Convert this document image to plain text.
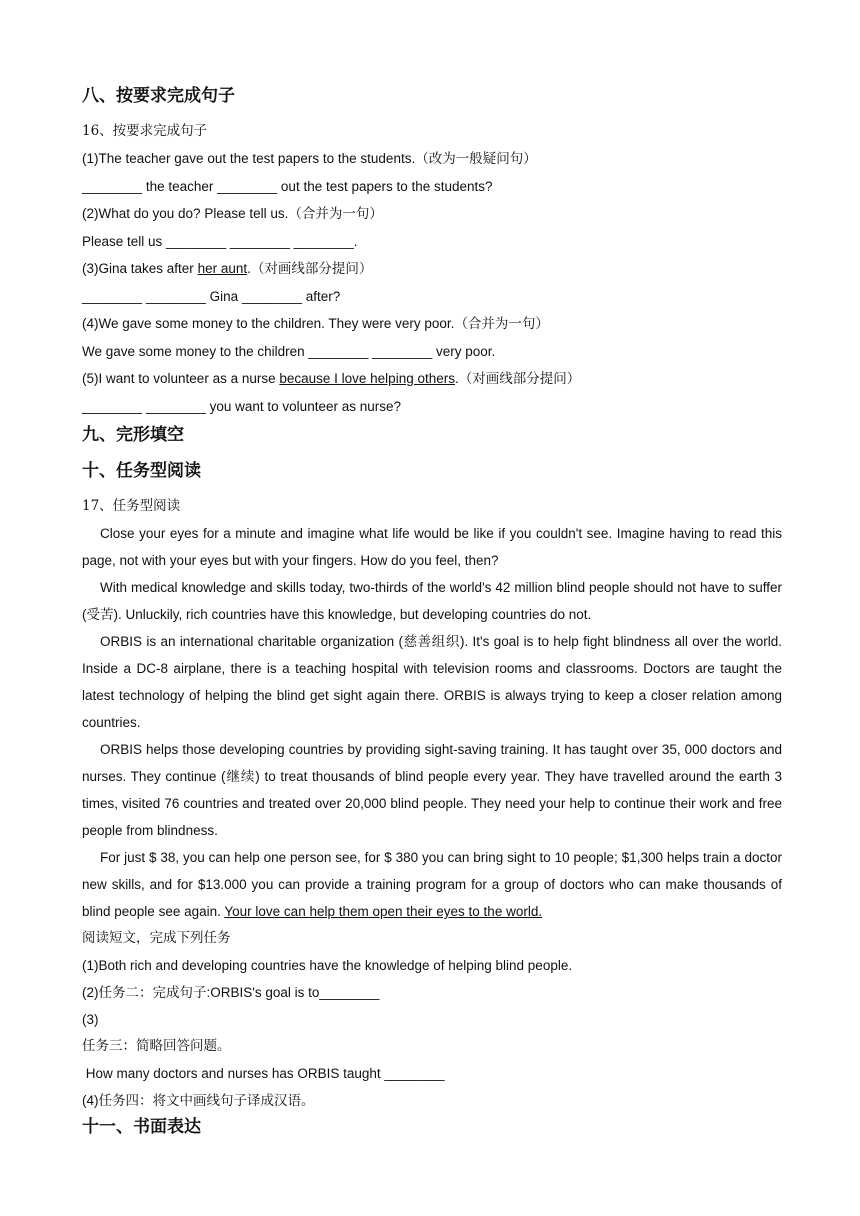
八、按要求完成句子
16、按要求完成句子
(1)The teacher gave out the test papers to the students.（改为一般疑问句）
________ the teacher ________ out the test papers to the students?
(2)What do you do? Please tell us.（合并为一句）
Please tell us ________ ________ ________.
(3)Gina takes after her aunt.（对画线部分提问）
________ ________ Gina ________ after?
(4)We gave some money to the children. They were very poor.（合并为一句）
We gave some money to the children ________ ________ very poor.
(5)I want to volunteer as a nurse because I love helping others.（对画线部分提问）
________ ________ you want to volunteer as nurse?
九、完形填空
十、任务型阅读
17、任务型阅读
Close your eyes for a minute and imagine what life would be like if you couldn't see. Imagine having to read this page, not with your eyes but with your fingers. How do you feel, then?
With medical knowledge and skills today, two-thirds of the world's 42 million blind people should not have to suffer (受苦). Unluckily, rich countries have this knowledge, but developing countries do not.
ORBIS is an international charitable organization (慈善组织). It's goal is to help fight blindness all over the world. Inside a DC-8 airplane, there is a teaching hospital with television rooms and classrooms. Doctors are taught the latest technology of helping the blind get sight again there. ORBIS is always trying to keep a closer relation among countries.
ORBIS helps those developing countries by providing sight-saving training. It has taught over 35, 000 doctors and nurses. They continue (继续) to treat thousands of blind people every year. They have travelled around the earth 3 times, visited 76 countries and treated over 20,000 blind people. They need your help to continue their work and free people from blindness.
For just $ 38, you can help one person see, for $ 380 you can bring sight to 10 people; $1,300 helps train a doctor new skills, and for $13.000 you can provide a training program for a group of doctors who can make thousands of blind people see again. Your love can help them open their eyes to the world.
阅读短文，完成下列任务
(1)Both rich and developing countries have the knowledge of helping blind people.
(2)任务二：完成句子:ORBIS's goal is to________
(3)
任务三：简略回答问题。
How many doctors and nurses has ORBIS taught ________
(4)任务四：将文中画线句子译成汉语。
十一、书面表达
